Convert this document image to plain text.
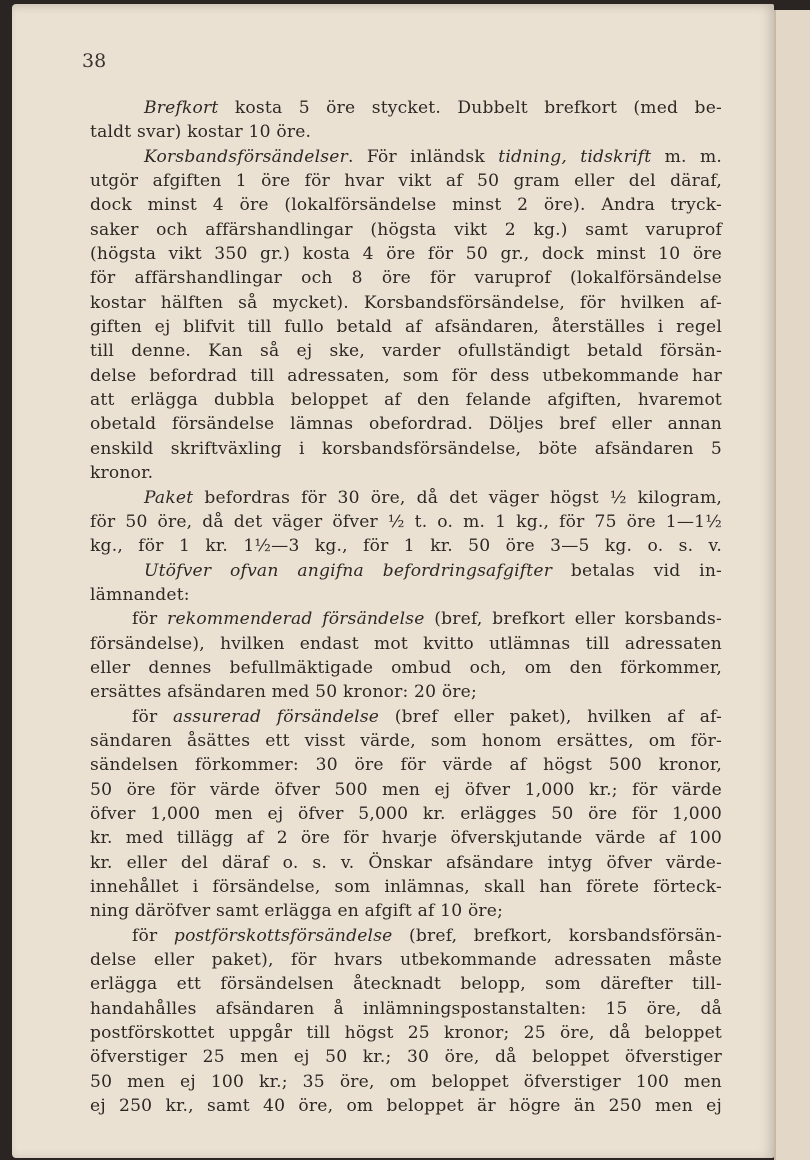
38
Brefkort kosta 5 öre stycket. Dubbelt brefkort (med be-
taldt svar) kostar 10 öre.
Korsbandsförsändelser. För inländsk tidning, tidskrift m. m.
utgör afgiften 1 öre för hvar vikt af 50 gram eller del däraf,
dock minst 4 öre (lokalförsändelse minst 2 öre). Andra tryck-
saker och affärshandlingar (högsta vikt 2 kg.) samt varuprof
(högsta vikt 350 gr.) kosta 4 öre för 50 gr., dock minst 10 öre
för affärshandlingar och 8 öre för varuprof (lokalförsändelse
kostar hälften så mycket). Korsbandsförsändelse, för hvilken af-
giften ej blifvit till fullo betald af afsändaren, återställes i regel
till denne. Kan så ej ske, varder ofullständigt betald försän-
delse befordrad till adressaten, som för dess utbekommande har
att erlägga dubbla beloppet af den felande afgiften, hvaremot
obetald försändelse lämnas obefordrad. Döljes bref eller annan
enskild skriftväxling i korsbandsförsändelse, böte afsändaren 5
kronor.
Paket befordras för 30 öre, då det väger högst ½ kilogram,
för 50 öre, då det väger öfver ½ t. o. m. 1 kg., för 75 öre 1—1½
kg., för 1 kr. 1½—3 kg., för 1 kr. 50 öre 3—5 kg. o. s. v.
Utöfver ofvan angifna befordringsafgifter betalas vid in-
lämnandet:
för rekommenderad försändelse (bref, brefkort eller korsbands-
försändelse), hvilken endast mot kvitto utlämnas till adressaten
eller dennes befullmäktigade ombud och, om den förkommer,
ersättes afsändaren med 50 kronor: 20 öre;
för assurerad försändelse (bref eller paket), hvilken af af-
sändaren åsättes ett visst värde, som honom ersättes, om för-
sändelsen förkommer: 30 öre för värde af högst 500 kronor,
50 öre för värde öfver 500 men ej öfver 1,000 kr.; för värde
öfver 1,000 men ej öfver 5,000 kr. erlägges 50 öre för 1,000
kr. med tillägg af 2 öre för hvarje öfverskjutande värde af 100
kr. eller del däraf o. s. v. Önskar afsändare intyg öfver värde-
innehållet i försändelse, som inlämnas, skall han förete förteck-
ning däröfver samt erlägga en afgift af 10 öre;
för postförskottsförsändelse (bref, brefkort, korsbandsförsän-
delse eller paket), för hvars utbekommande adressaten måste
erlägga ett försändelsen åtecknadt belopp, som därefter till-
handahålles afsändaren å inlämningspostanstalten: 15 öre, då
postförskottet uppgår till högst 25 kronor; 25 öre, då beloppet
öfverstiger 25 men ej 50 kr.; 30 öre, då beloppet öfverstiger
50 men ej 100 kr.; 35 öre, om beloppet öfverstiger 100 men
ej 250 kr., samt 40 öre, om beloppet är högre än 250 men ej
